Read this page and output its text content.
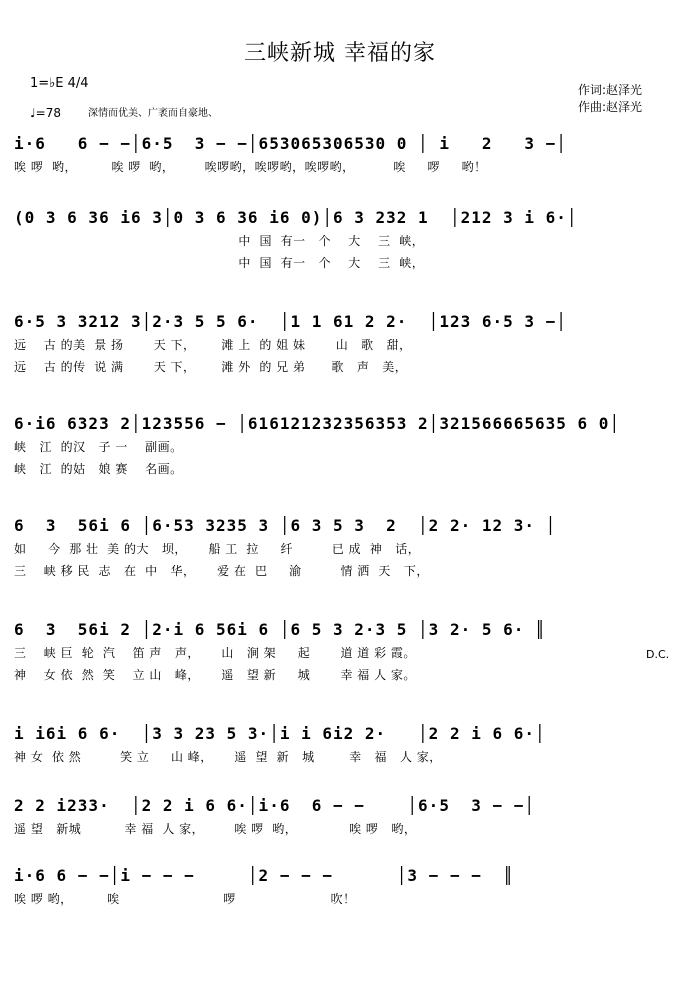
三峡新城 幸福的家
1=♭E 4/4
♩=78	深情而优美、广袤而自豪地、
作词:赵泽光
作曲:赵泽光
i·6   6 − −│6·5  3 − −│653065306530 0 │ i   2   3 −│
唉 啰  哟，        唉 啰  哟，       唉啰哟，唉啰哟，唉啰哟，         唉     啰     哟！
(0 3 6 36 i6 3│0 3 6 36 i6 0)│6 3 232 1  │212 3 i 6·│
中  国  有一   个    大    三  峡，
中  国  有一   个    大    三  峡，
6·5 3 3212 3│2·3 5 5 6·  │1 1 61 2 2·  │123 6·5 3 −│
远    古 的美  景 扬       天 下，      滩 上  的 姐 妹       山   歌   甜，
远    古 的传  说 满       天 下，      滩 外  的 兄 弟      歌   声   美，
6·i6 6323 2│123556 − │616121232356353 2│321566665635 6 0│
峡   江  的汉   子 一    副画。
峡   江  的姑   娘 赛    名画。
6  3  56i 6 │6·53 3235 3 │6 3 5 3  2  │2 2· 12 3· │
如     今  那 壮  美 的大   坝，     船 工  拉     纤         已 成  神   话，
三    峡 移 民  志   在  中   华，     爱 在  巴     渝         情 洒  天   下，
6  3  56i 2 │2·i 6 56i 6 │6 5 3 2·3 5 │3 2· 5 6· ║
三    峡 巨  轮  汽    笛 声   声，     山   涧 架     起       道 道 彩 霞。
神    女 依  然  笑    立 山   峰，     遥   望 新     城       幸 福 人 家。
D.C.
i i6i 6 6·  │3 3 23 5 3·│i i 6i2 2·   │2 2 i 6 6·│
神 女  依 然         笑 立     山 峰，     遥  望  新   城        幸   福   人 家，
2 2 i233·  │2 2 i 6 6·│i·6  6 − −    │6·5  3 − −│
遥 望   新城          幸 福  人 家，       唉 啰  哟，            唉 啰   哟，
i·6 6 − −│i − − −     │2 − − −      │3 − − −  ║
唉 啰 哟，        唉                        啰                      吹！
